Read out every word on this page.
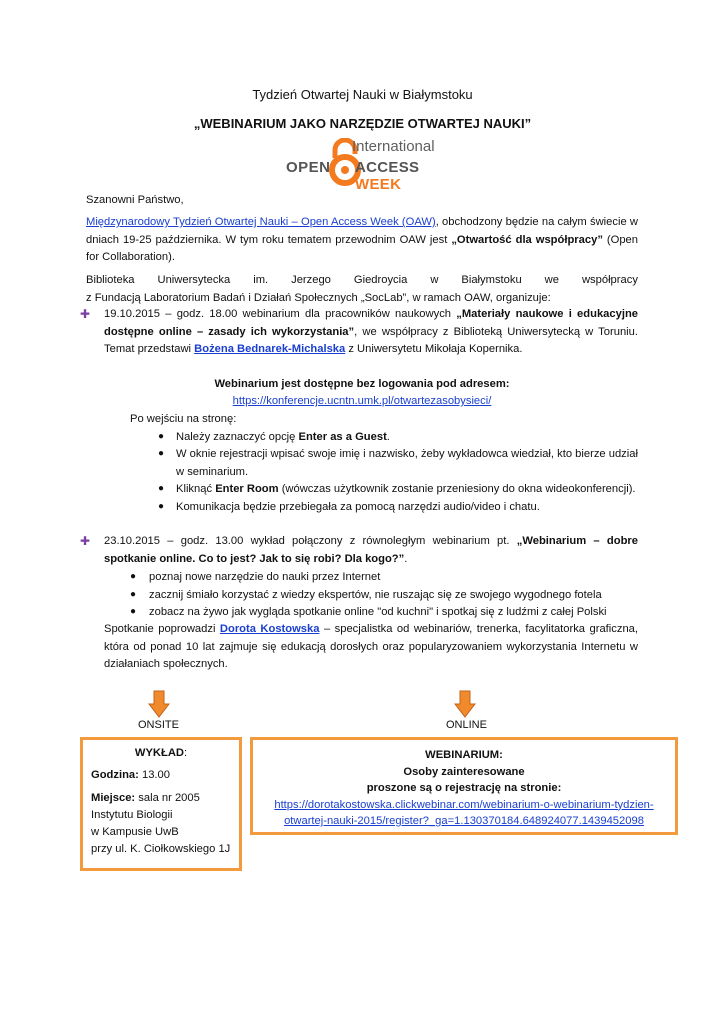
Tydzień Otwartej Nauki w Białymstoku
„WEBINARIUM JAKO NARZĘDZIE OTWARTEJ NAUKI”
International
OPEN ACCESS WEEK
Szanowni Państwo,
Międzynarodowy Tydzień Otwartej Nauki – Open Access Week (OAW), obchodzony będzie na całym świecie w dniach 19-25 października. W tym roku tematem przewodnim OAW jest „Otwartość dla współpracy” (Open for Collaboration).
Biblioteka Uniwersytecka im. Jerzego Giedroycia w Białymstoku we współpracy
z Fundacją Laboratorium Badań i Działań Społecznych „SocLab”, w ramach OAW, organizuje:
✚ 19.10.2015 – godz. 18.00 webinarium dla pracowników naukowych „Materiały naukowe i edukacyjne dostępne online – zasady ich wykorzystania”, we współpracy z Biblioteką Uniwersytecką w Toruniu. Temat przedstawi Bożena Bednarek-Michalska z Uniwersytetu Mikołaja Kopernika.
Webinarium jest dostępne bez logowania pod adresem:
https://konferencje.ucntn.umk.pl/otwartezasobysieci/
Po wejściu na stronę:
● Należy zaznaczyć opcję Enter as a Guest.
● W oknie rejestracji wpisać swoje imię i nazwisko, żeby wykładowca wiedział, kto bierze udział w seminarium.
● Kliknąć Enter Room (wówczas użytkownik zostanie przeniesiony do okna wideokonferencji).
● Komunikacja będzie przebiegała za pomocą narzędzi audio/video i chatu.
✚ 23.10.2015 – godz. 13.00 wykład połączony z równoległym webinarium pt. „Webinarium – dobre spotkanie online. Co to jest? Jak to się robi? Dla kogo?”.
● poznaj nowe narzędzie do nauki przez Internet
● zacznij śmiało korzystać z wiedzy ekspertów, nie ruszając się ze swojego wygodnego fotela
● zobacz na żywo jak wygląda spotkanie online "od kuchni" i spotkaj się z ludźmi z całej Polski
Spotkanie poprowadzi Dorota Kostowska – specjalistka od webinariów, trenerka, facylitatorka graficzna, która od ponad 10 lat zajmuje się edukacją dorosłych oraz popularyzowaniem wykorzystania Internetu w działaniach społecznych.
ONSITE	ONLINE
WYKŁAD:
Godzina: 13.00
Miejsce: sala nr 2005
Instytutu Biologii
w Kampusie UwB
przy ul. K. Ciołkowskiego 1J
WEBINARIUM:
Osoby zainteresowane
proszone są o rejestrację na stronie:
https://dorotakostowska.clickwebinar.com/webinarium-o-webinarium-tydzien-
otwartej-nauki-2015/register?_ga=1.130370184.648924077.1439452098
